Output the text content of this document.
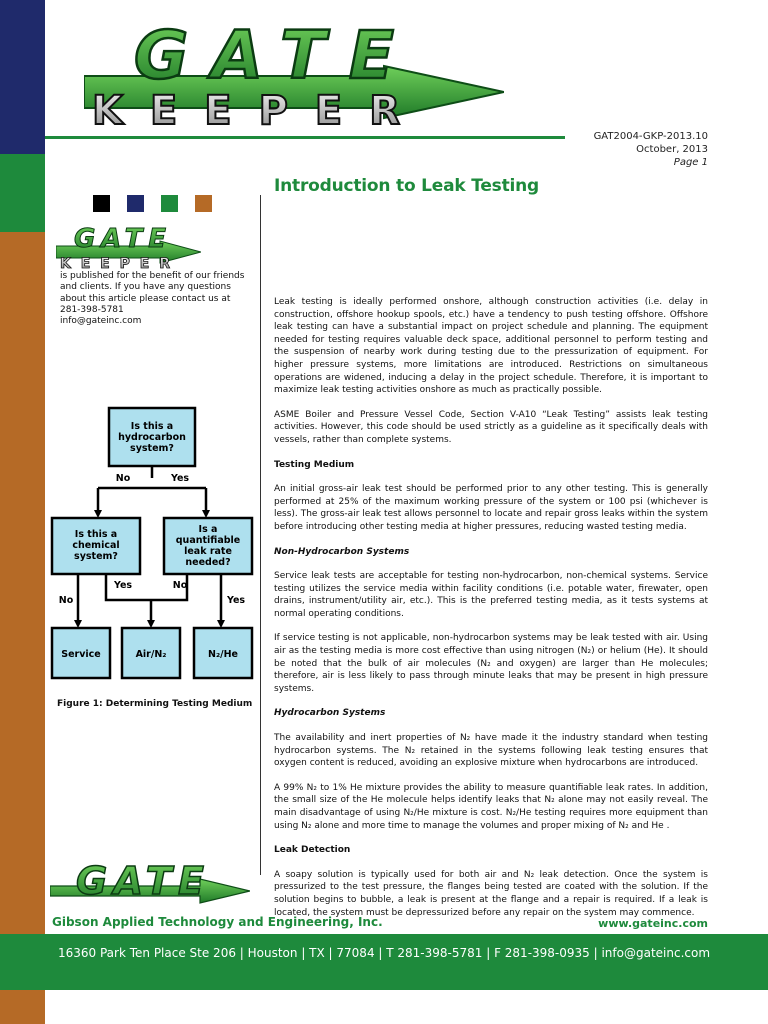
GATE
KEEPER
GAT2004-GKP-2013.10
October, 2013
Page 1
Introduction to Leak Testing
GATE
KEEPER
is published for the benefit of our friends
and clients. If you have any questions
about this article please contact us at
281-398-5781
info@gateinc.com
Is this a
hydrocarbon
system?
Is this a
chemical
system?
Is a
quantifiable
leak rate
needed?
Service	Air/N₂	N₂/He
No	Yes
No
Yes	No
Yes
Figure 1: Determining Testing Medium

Leak testing is ideally performed onshore, although construction activities (i.e. delay in construction, offshore hookup spools, etc.) have a tendency to push testing offshore. Offshore leak testing can have a substantial impact on project schedule and planning. The equipment needed for testing requires valuable deck space, additional personnel to perform testing and the suspension of nearby work during testing due to the pressurization of equipment. For higher pressure systems, more limitations are introduced. Restrictions on simultaneous operations are widened, inducing a delay in the project schedule. Therefore, it is important to maximize leak testing activities onshore as much as practically possible.

ASME Boiler and Pressure Vessel Code, Section V-A10 “Leak Testing” assists leak testing activities. However, this code should be used strictly as a guideline as it specifically deals with vessels, rather than complete systems.

Testing Medium

An initial gross-air leak test should be performed prior to any other testing. This is generally performed at 25% of the maximum working pressure of the system or 100 psi (whichever is less). The gross-air leak test allows personnel to locate and repair gross leaks within the system before introducing other testing media at higher pressures, reducing wasted testing media.

Non-Hydrocarbon Systems

Service leak tests are acceptable for testing non-hydrocarbon, non-chemical systems. Service testing utilizes the service media within facility conditions (i.e. potable water, firewater, open drains, instrument/utility air, etc.). This is the preferred testing media, as it tests systems at normal operating conditions.

If service testing is not applicable, non-hydrocarbon systems may be leak tested with air. Using air as the testing media is more cost effective than using nitrogen (N₂) or helium (He). It should be noted that the bulk of air molecules (N₂ and oxygen) are larger than He molecules; therefore, air is less likely to pass through minute leaks that may be present in high pressure systems.

Hydrocarbon Systems

The availability and inert properties of N₂ have made it the industry standard when testing hydrocarbon systems. The N₂ retained in the systems following leak testing ensures that oxygen content is reduced, avoiding an explosive mixture when hydrocarbons are introduced.

A 99% N₂ to 1% He mixture provides the ability to measure quantifiable leak rates. In addition, the small size of the He molecule helps identify leaks that N₂ alone may not easily reveal. The main disadvantage of using N₂/He mixture is cost. N₂/He testing requires more equipment than using N₂ alone and more time to manage the volumes and proper mixing of N₂ and He .

Leak Detection

A soapy solution is typically used for both air and N₂ leak detection. Once the system is pressurized to the test pressure, the flanges being tested are coated with the solution. If the solution begins to bubble, a leak is present at the flange and a repair is required. If a leak is located, the system must be depressurized before any repair on the system may commence.

GATE
Gibson Applied Technology and Engineering, Inc.	www.gateinc.com
16360 Park Ten Place Ste 206 | Houston | TX | 77084 | T 281-398-5781 | F 281-398-0935 | info@gateinc.com
